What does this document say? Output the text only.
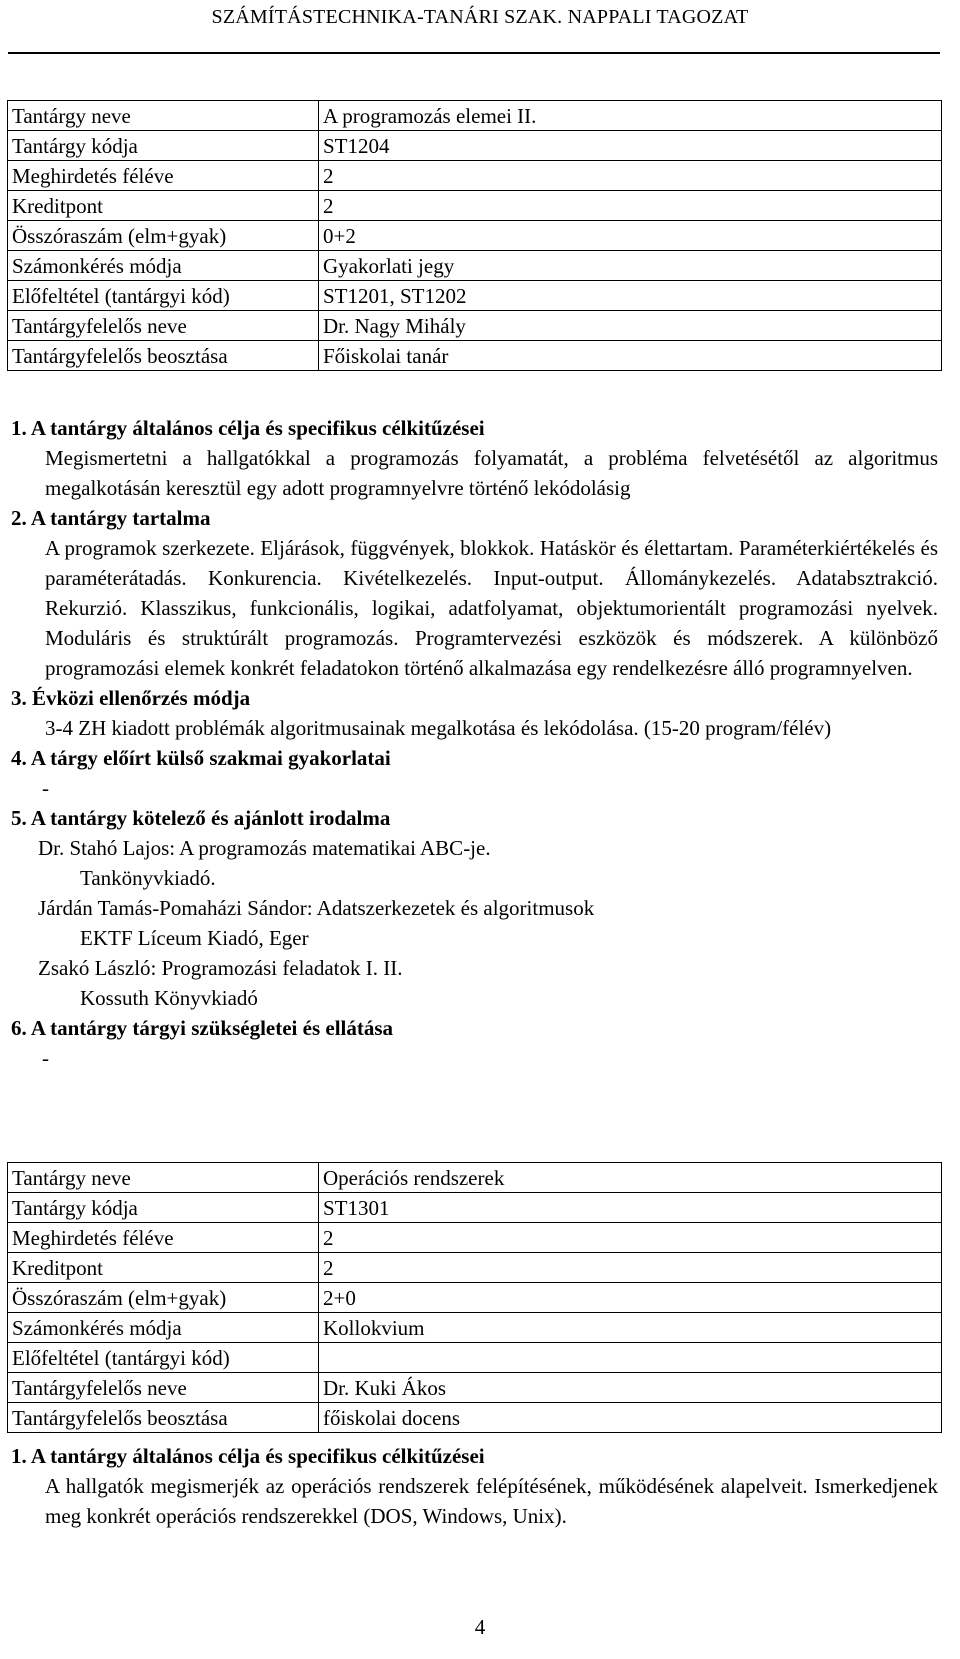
SZÁMÍTÁSTECHNIKA-TANÁRI SZAK. NAPPALI TAGOZAT
Tantárgy neve	A programozás elemei II.
Tantárgy kódja	ST1204
Meghirdetés féléve	2
Kreditpont	2
Összóraszám (elm+gyak)	0+2
Számonkérés módja	Gyakorlati jegy
Előfeltétel (tantárgyi kód)	ST1201, ST1202
Tantárgyfelelős neve	Dr. Nagy Mihály
Tantárgyfelelős beosztása	Főiskolai tanár

1. A tantárgy általános célja és specifikus célkitűzései

Megismertetni a hallgatókkal a programozás folyamatát, a probléma felvetésétől az algoritmus megalkotásán keresztül egy adott programnyelvre történő lekódolásig

2. A tantárgy tartalma

A programok szerkezete. Eljárások, függvények, blokkok. Hatáskör és élettartam. Paraméterkiértékelés és paraméterátadás. Konkurencia. Kivételkezelés. Input-output. Állománykezelés. Adatabsztrakció. Rekurzió. Klasszikus, funkcionális, logikai, adatfolyamat, objektumorientált programozási nyelvek. Moduláris és struktúrált programozás. Programtervezési eszközök és módszerek. A különböző programozási elemek konkrét feladatokon történő alkalmazása egy rendelkezésre álló programnyelven.

3. Évközi ellenőrzés módja

3-4 ZH kiadott problémák algoritmusainak megalkotása és lekódolása. (15-20 program/félév)

4. A tárgy előírt külső szakmai gyakorlatai

-

5. A tantárgy kötelező és ajánlott irodalma

Dr. Stahó Lajos: A programozás matematikai ABC-je.

Tankönyvkiadó.

Járdán Tamás-Pomaházi Sándor: Adatszerkezetek és algoritmusok

EKTF Líceum Kiadó, Eger

Zsakó László: Programozási feladatok I. II.

Kossuth Könyvkiadó

6. A tantárgy tárgyi szükségletei és ellátása

-

Tantárgy neve	Operációs rendszerek
Tantárgy kódja	ST1301
Meghirdetés féléve	2
Kreditpont	2
Összóraszám (elm+gyak)	2+0
Számonkérés módja	Kollokvium
Előfeltétel (tantárgyi kód)	
Tantárgyfelelős neve	Dr. Kuki Ákos
Tantárgyfelelős beosztása	főiskolai docens

1. A tantárgy általános célja és specifikus célkitűzései

A hallgatók megismerjék az operációs rendszerek felépítésének, működésének alapelveit. Ismerkedjenek meg konkrét operációs rendszerekkel (DOS, Windows, Unix).

4
